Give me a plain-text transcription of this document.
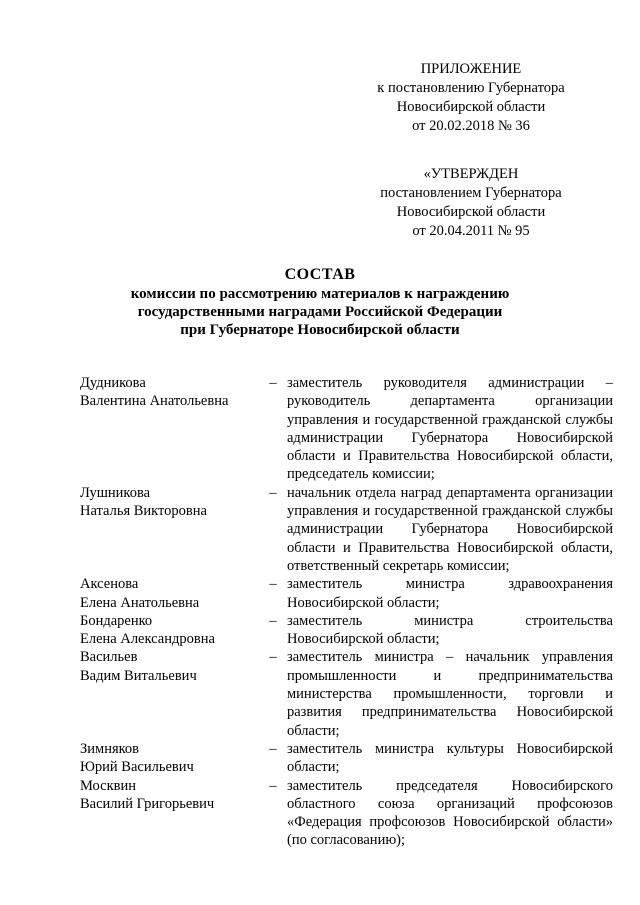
ПРИЛОЖЕНИЕ
к постановлению Губернатора
Новосибирской области
от 20.02.2018 № 36
«УТВЕРЖДЕН
постановлением Губернатора
Новосибирской области
от 20.04.2011 № 95
СОСТАВ
комиссии по рассмотрению материалов к награждению
государственными наградами Российской Федерации
при Губернаторе Новосибирской области
Дудникова
Валентина Анатольевна
– заместитель руководителя администрации – руководитель департамента организации управления и государственной гражданской службы администрации Губернатора Новосибирской области и Правительства Новосибирской области, председатель комиссии;
Лушникова
Наталья Викторовна
– начальник отдела наград департамента организации управления и государственной гражданской службы администрации Губернатора Новосибирской области и Правительства Новосибирской области, ответственный секретарь комиссии;
Аксенова
Елена Анатольевна
– заместитель министра здравоохранения Новосибирской области;
Бондаренко
Елена Александровна
– заместитель министра строительства Новосибирской области;
Васильев
Вадим Витальевич
– заместитель министра – начальник управления промышленности и предпринимательства министерства промышленности, торговли и развития предпринимательства Новосибирской области;
Зимняков
Юрий Васильевич
– заместитель министра культуры Новосибирской области;
Москвин
Василий Григорьевич
– заместитель председателя Новосибирского областного союза организаций профсоюзов «Федерация профсоюзов Новосибирской области» (по согласованию);
